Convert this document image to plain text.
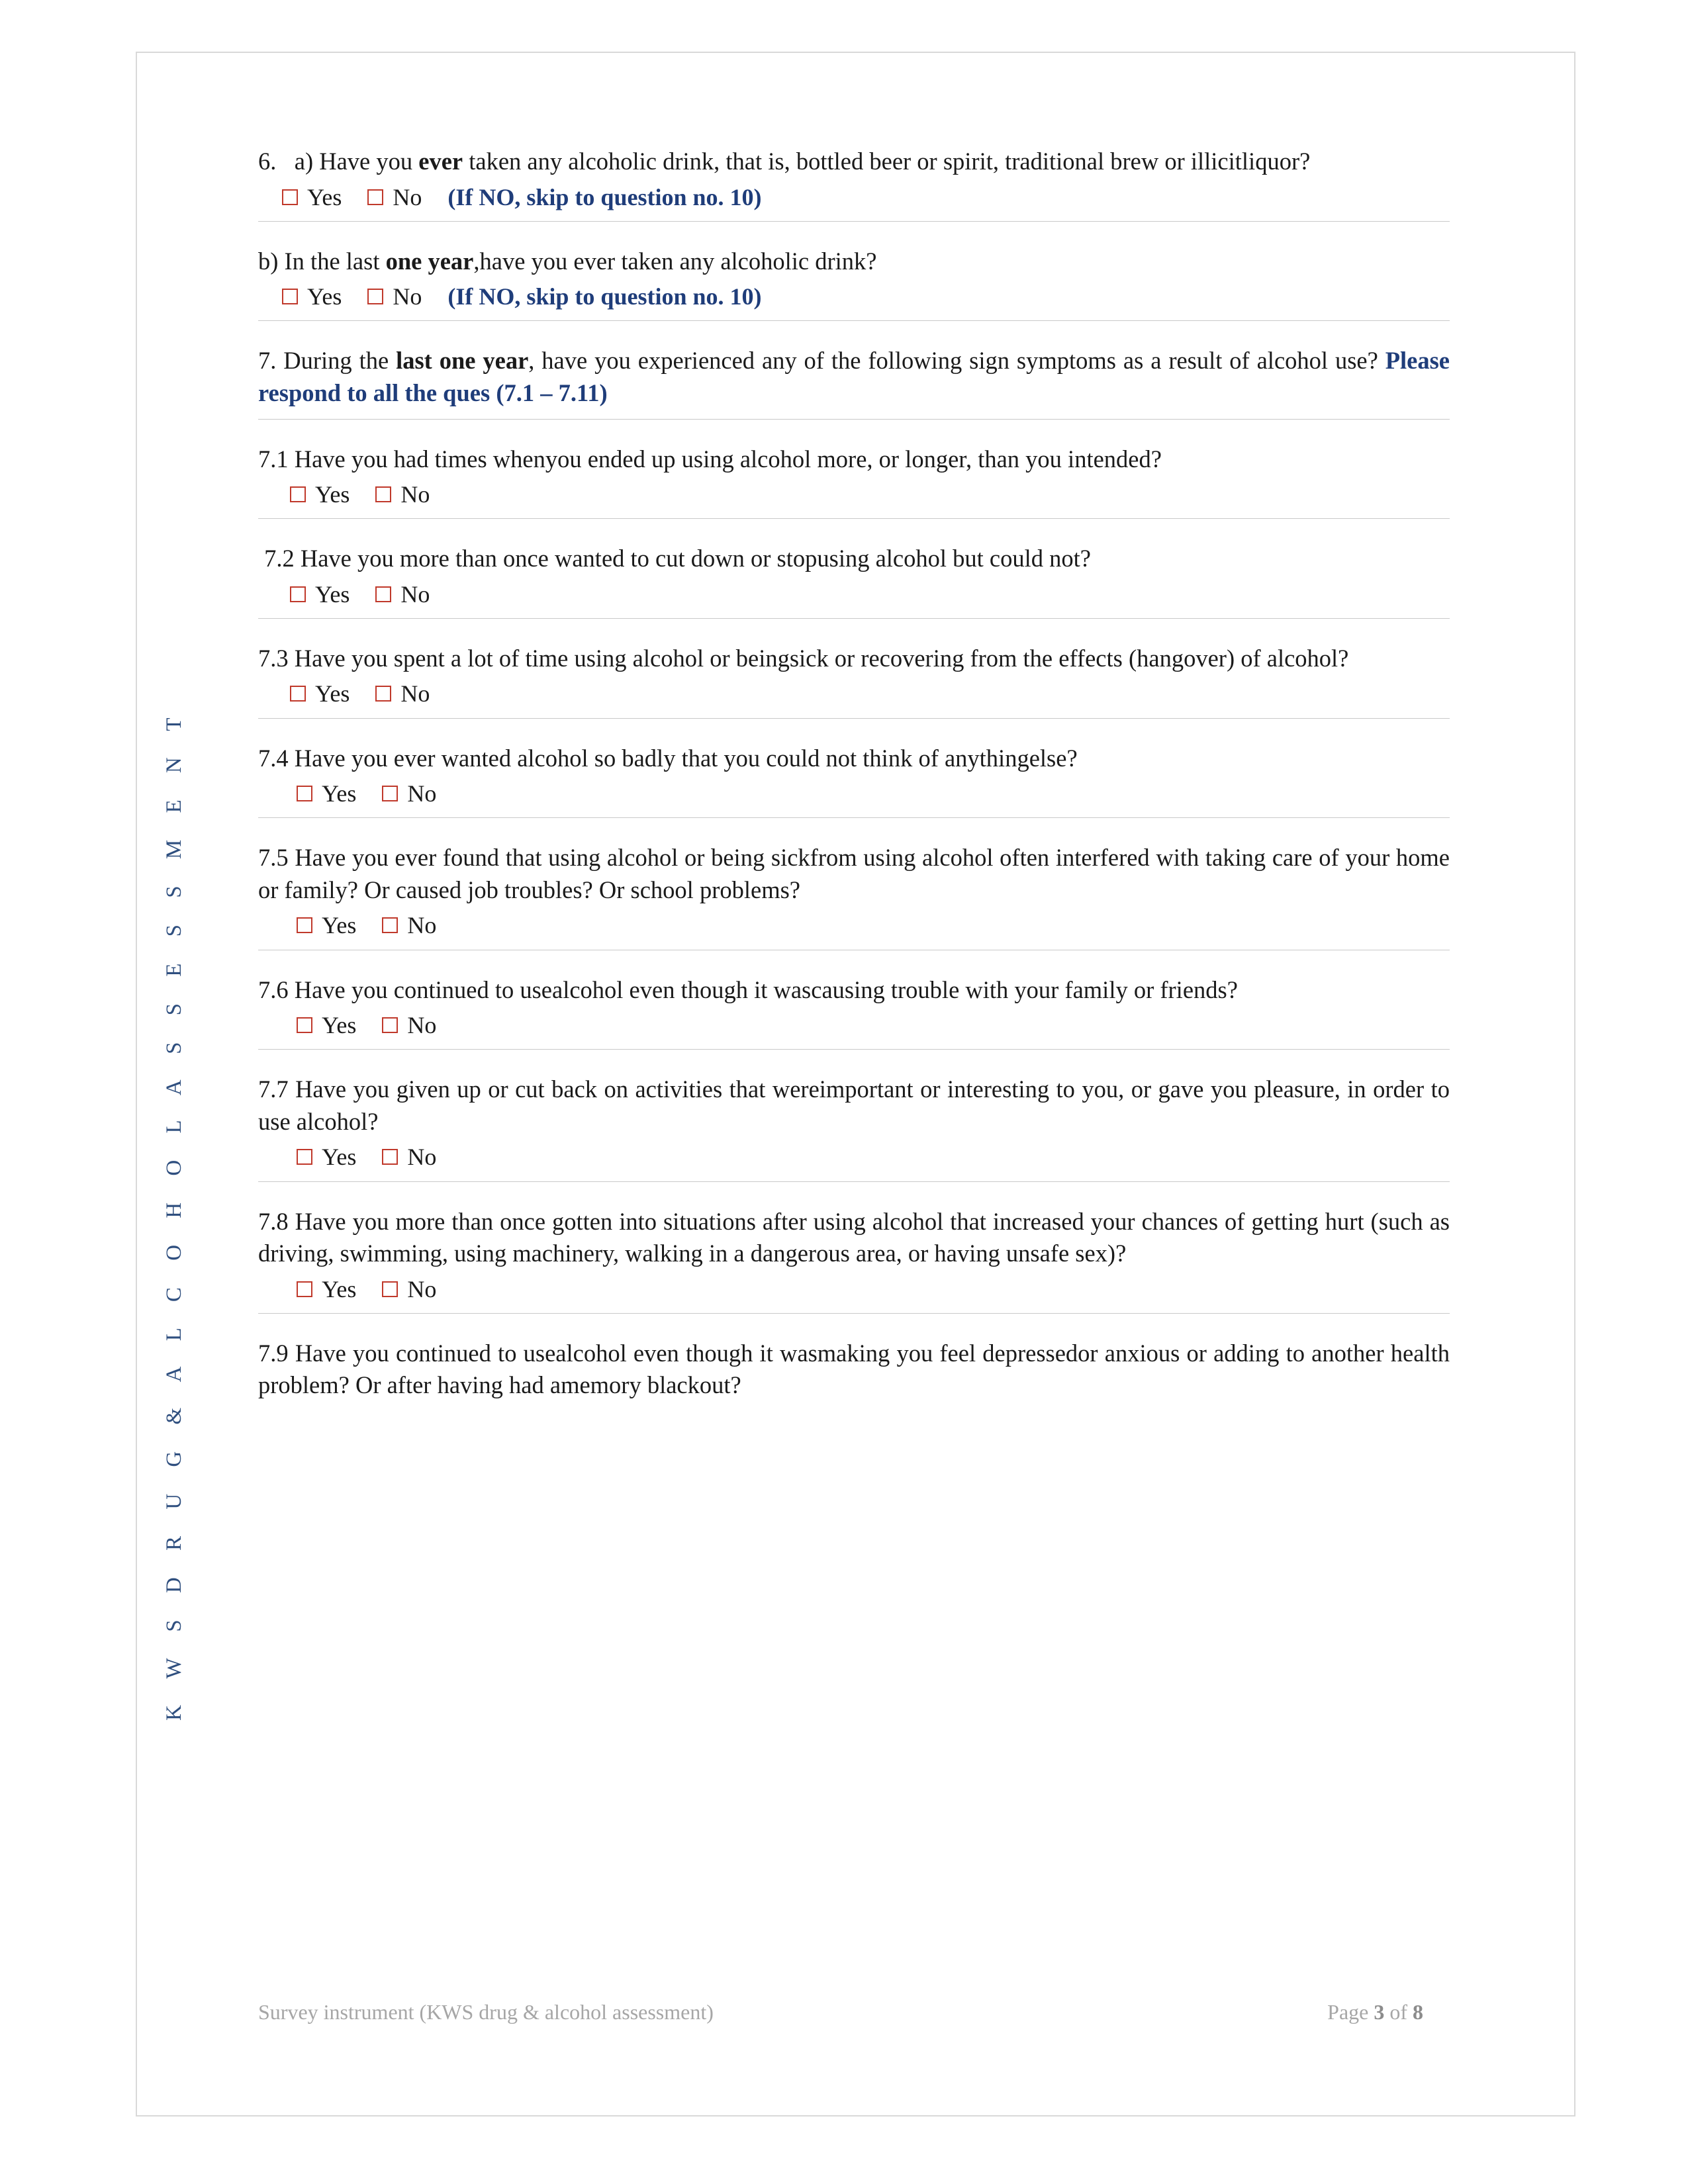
K W S D R U G & A L C O H O L A S S E S S M E N T
6. a) Have you ever taken any alcoholic drink, that is, bottled beer or spirit, traditional brew or illicitliquor?
Yes No (If NO, skip to question no. 10)
b) In the last one year,have you ever taken any alcoholic drink?
Yes No (If NO, skip to question no. 10)
7. During the last one year, have you experienced any of the following sign symptoms as a result of alcohol use? Please respond to all the ques (7.1 – 7.11)
7.1 Have you had times whenyou ended up using alcohol more, or longer, than you intended?
Yes No
7.2 Have you more than once wanted to cut down or stopusing alcohol but could not?
Yes No
7.3 Have you spent a lot of time using alcohol or beingsick or recovering from the effects (hangover) of alcohol?
Yes No
7.4 Have you ever wanted alcohol so badly that you could not think of anythingelse?
Yes No
7.5 Have you ever found that using alcohol or being sickfrom using alcohol often interfered with taking care of your home or family? Or caused job troubles? Or school problems?
Yes No
7.6 Have you continued to usealcohol even though it wascausing trouble with your family or friends?
Yes No
7.7 Have you given up or cut back on activities that wereimportant or interesting to you, or gave you pleasure, in order to use alcohol?
Yes No
7.8 Have you more than once gotten into situations after using alcohol that increased your chances of getting hurt (such as driving, swimming, using machinery, walking in a dangerous area, or having unsafe sex)?
Yes No
7.9 Have you continued to usealcohol even though it wasmaking you feel depressedor anxious or adding to another health problem? Or after having had amemory blackout?
Survey instrument (KWS drug & alcohol assessment)	Page 3 of 8
